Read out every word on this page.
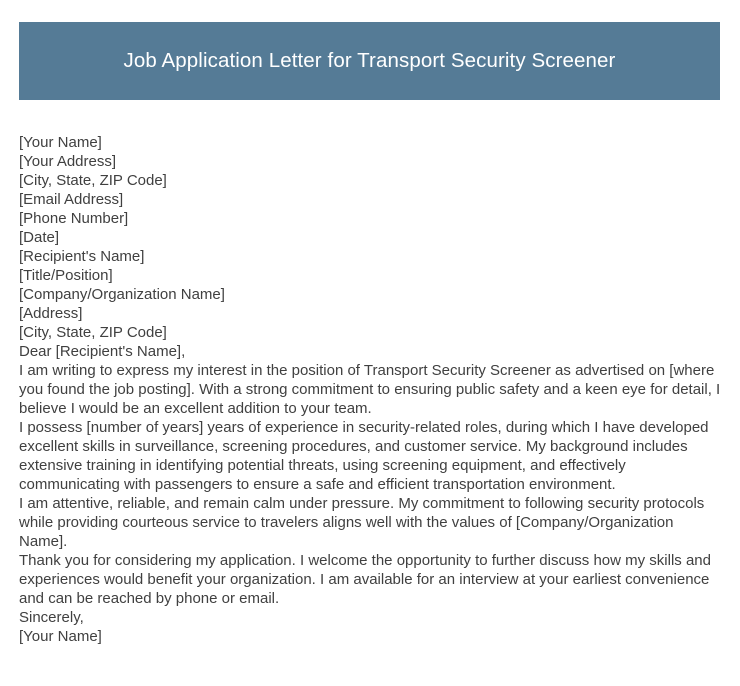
Job Application Letter for Transport Security Screener
[Your Name]
[Your Address]
[City, State, ZIP Code]
[Email Address]
[Phone Number]
[Date]
[Recipient's Name]
[Title/Position]
[Company/Organization Name]
[Address]
[City, State, ZIP Code]
Dear [Recipient's Name],
I am writing to express my interest in the position of Transport Security Screener as advertised on [where you found the job posting]. With a strong commitment to ensuring public safety and a keen eye for detail, I believe I would be an excellent addition to your team.
I possess [number of years] years of experience in security-related roles, during which I have developed excellent skills in surveillance, screening procedures, and customer service. My background includes extensive training in identifying potential threats, using screening equipment, and effectively communicating with passengers to ensure a safe and efficient transportation environment.
I am attentive, reliable, and remain calm under pressure. My commitment to following security protocols while providing courteous service to travelers aligns well with the values of [Company/Organization Name].
Thank you for considering my application. I welcome the opportunity to further discuss how my skills and experiences would benefit your organization. I am available for an interview at your earliest convenience and can be reached by phone or email.
Sincerely,
[Your Name]
